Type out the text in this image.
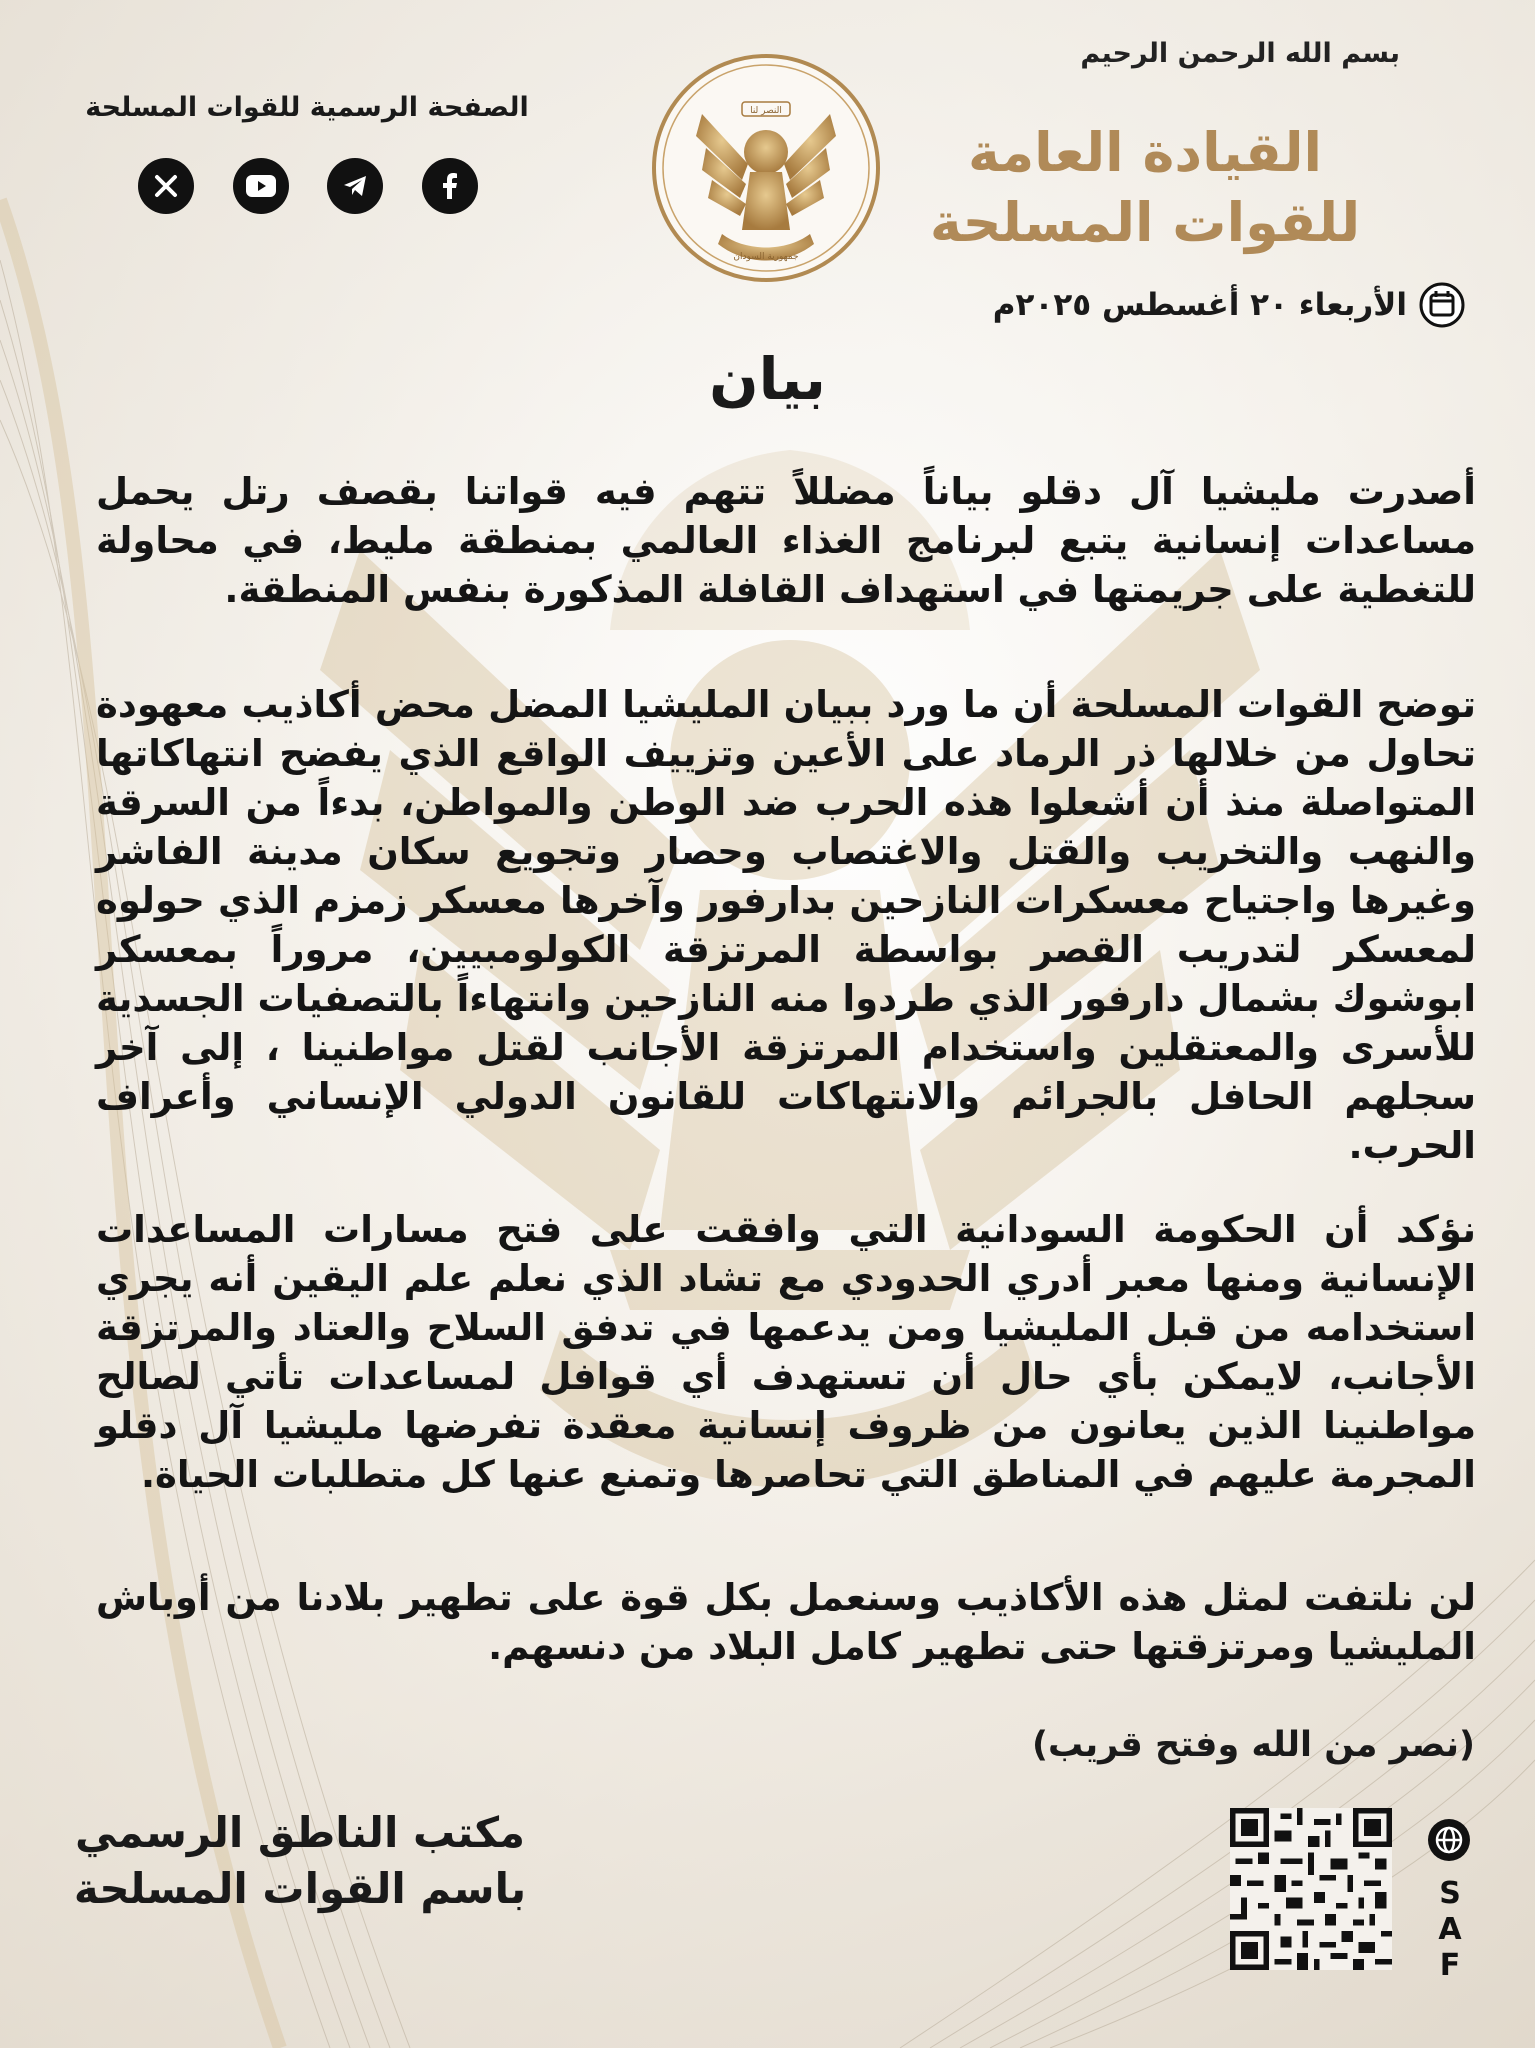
بسم الله الرحمن الرحيم
القيادة العامة
للقوات المسلحة
النصر لنا
جمهورية السودان
الصفحة الرسمية للقوات المسلحة
الأربعاء ٢٠ أغسطس ٢٠٢٥م
بيان
أصدرت مليشيا آل دقلو بياناً مضللاً تتهم فيه قواتنا بقصف رتل يحمل مساعدات إنسانية يتبع لبرنامج الغذاء العالمي بمنطقة مليط، في محاولة للتغطية على جريمتها في استهداف القافلة المذكورة بنفس المنطقة.
توضح القوات المسلحة أن ما ورد ببيان المليشيا المضل محض أكاذيب معهودة تحاول من خلالها ذر الرماد على الأعين وتزييف الواقع الذي يفضح انتهاكاتها المتواصلة منذ أن أشعلوا هذه الحرب ضد الوطن والمواطن، بدءاً من السرقة والنهب والتخريب والقتل والاغتصاب وحصار وتجويع سكان مدينة الفاشر وغيرها واجتياح معسكرات النازحين بدارفور وآخرها معسكر زمزم الذي حولوه لمعسكر لتدريب القصر بواسطة المرتزقة الكولومبيين، مروراً بمعسكر ابوشوك بشمال دارفور الذي طردوا منه النازحين وانتهاءاً بالتصفيات الجسدية للأسرى والمعتقلين واستخدام المرتزقة الأجانب لقتل مواطنينا ، إلى آخر سجلهم الحافل بالجرائم والانتهاكات للقانون الدولي الإنساني وأعراف الحرب.
نؤكد أن الحكومة السودانية التي وافقت على فتح مسارات المساعدات الإنسانية ومنها معبر أدري الحدودي مع تشاد الذي نعلم علم اليقين أنه يجري استخدامه من قبل المليشيا ومن يدعمها في تدفق السلاح والعتاد والمرتزقة الأجانب، لايمكن بأي حال أن تستهدف أي قوافل لمساعدات تأتي لصالح مواطنينا الذين يعانون من ظروف إنسانية معقدة تفرضها مليشيا آل دقلو المجرمة عليهم في المناطق التي تحاصرها وتمنع عنها كل متطلبات الحياة.
لن نلتفت لمثل هذه الأكاذيب وسنعمل بكل قوة على تطهير بلادنا من أوباش المليشيا ومرتزقتها حتى تطهير كامل البلاد من دنسهم.
(نصر من الله وفتح قريب)
مكتب الناطق الرسمي
باسم القوات المسلحة	S
A
F
